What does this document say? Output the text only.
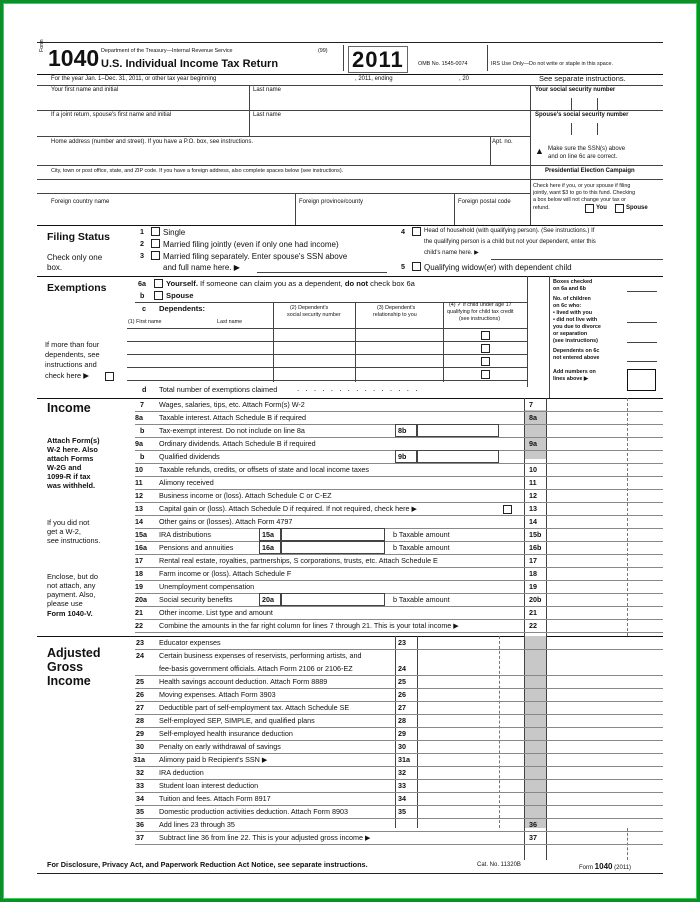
Form 1040 Department of the Treasury—Internal Revenue Service	(99)
U.S. Individual Income Tax Return	2011	OMB No. 1545-0074	IRS Use Only—Do not write or staple in this space.
For the year Jan. 1–Dec. 31, 2011, or other tax year beginning	, 2011, ending	, 20	See separate instructions.
Your first name and initial	Last name	Your social security number
If a joint return, spouse's first name and initial	Last name	Spouse's social security number
Home address (number and street). If you have a P.O. box, see instructions.	Apt. no.
▲ Make sure the SSN(s) above
and on line 6c are correct.
City, town or post office, state, and ZIP code. If you have a foreign address, also complete spaces below (see instructions).	Presidential Election Campaign
Check here if you, or your spouse if filing
jointly, want $3 to go to this fund. Checking
a box below will not change your tax or
refund.	You	Spouse
Foreign country name	Foreign province/county	Foreign postal code
Filing Status
Check only one
box.
1 Single
2 Married filing jointly (even if only one had income)
3 Married filing separately. Enter spouse's SSN above
and full name here. ▶
4	Head of household (with qualifying person). (See instructions.) If
the qualifying person is a child but not your dependent, enter this
child's name here. ▶
5 Qualifying widow(er) with dependent child
Exemptions	6a	Yourself. If someone can claim you as a dependent, do not check box 6a
b	Spouse
c Dependents:
(1) First name	Last name
(2) Dependent's
social security number
(3) Dependent's
relationship to you
(4) ✓ if child under age 17
qualifying for child tax credit
(see instructions)
If more than four
dependents, see
instructions and
check here ▶
d Total number of exemptions claimed . . . . . . . . . . . . . . .
Boxes checked
on 6a and 6b
No. of children
on 6c who:
• lived with you
• did not live with
you due to divorce
or separation
(see instructions)
Dependents on 6c
not entered above
Add numbers on
lines above ▶
Income
Attach Form(s)
W-2 here. Also
attach Forms
W-2G and
1099-R if tax
was withheld.
If you did not
get a W-2,
see instructions.
Enclose, but do
not attach, any
payment. Also,
please use
Form 1040-V.
7 Wages, salaries, tips, etc. Attach Form(s) W-2	7
8a Taxable interest. Attach Schedule B if required	8a
b Tax-exempt interest. Do not include on line 8a	8b
9a Ordinary dividends. Attach Schedule B if required	9a
b Qualified dividends	9b
10 Taxable refunds, credits, or offsets of state and local income taxes	10
11 Alimony received	11
12 Business income or (loss). Attach Schedule C or C-EZ	12
13 Capital gain or (loss). Attach Schedule D if required. If not required, check here ▶	13
14 Other gains or (losses). Attach Form 4797	14
15a IRA distributions	15a	b Taxable amount	15b
16a Pensions and annuities	16a	b Taxable amount	16b
17 Rental real estate, royalties, partnerships, S corporations, trusts, etc. Attach Schedule E	17
18 Farm income or (loss). Attach Schedule F	18
19 Unemployment compensation	19
20a Social security benefits	20a	b Taxable amount	20b
21 Other income. List type and amount	21
22 Combine the amounts in the far right column for lines 7 through 21. This is your total income ▶	22
Adjusted
Gross
Income
23 Educator expenses	23
24 Certain business expenses of reservists, performing artists, and
fee-basis government officials. Attach Form 2106 or 2106-EZ	24
25 Health savings account deduction. Attach Form 8889	25
26 Moving expenses. Attach Form 3903	26
27 Deductible part of self-employment tax. Attach Schedule SE	27
28 Self-employed SEP, SIMPLE, and qualified plans	28
29 Self-employed health insurance deduction	29
30 Penalty on early withdrawal of savings	30
31a Alimony paid b Recipient's SSN ▶	31a
32 IRA deduction	32
33 Student loan interest deduction	33
34 Tuition and fees. Attach Form 8917	34
35 Domestic production activities deduction. Attach Form 8903	35
36 Add lines 23 through 35	36
37 Subtract line 36 from line 22. This is your adjusted gross income ▶	37
For Disclosure, Privacy Act, and Paperwork Reduction Act Notice, see separate instructions.	Cat. No. 11320B	Form 1040 (2011)
